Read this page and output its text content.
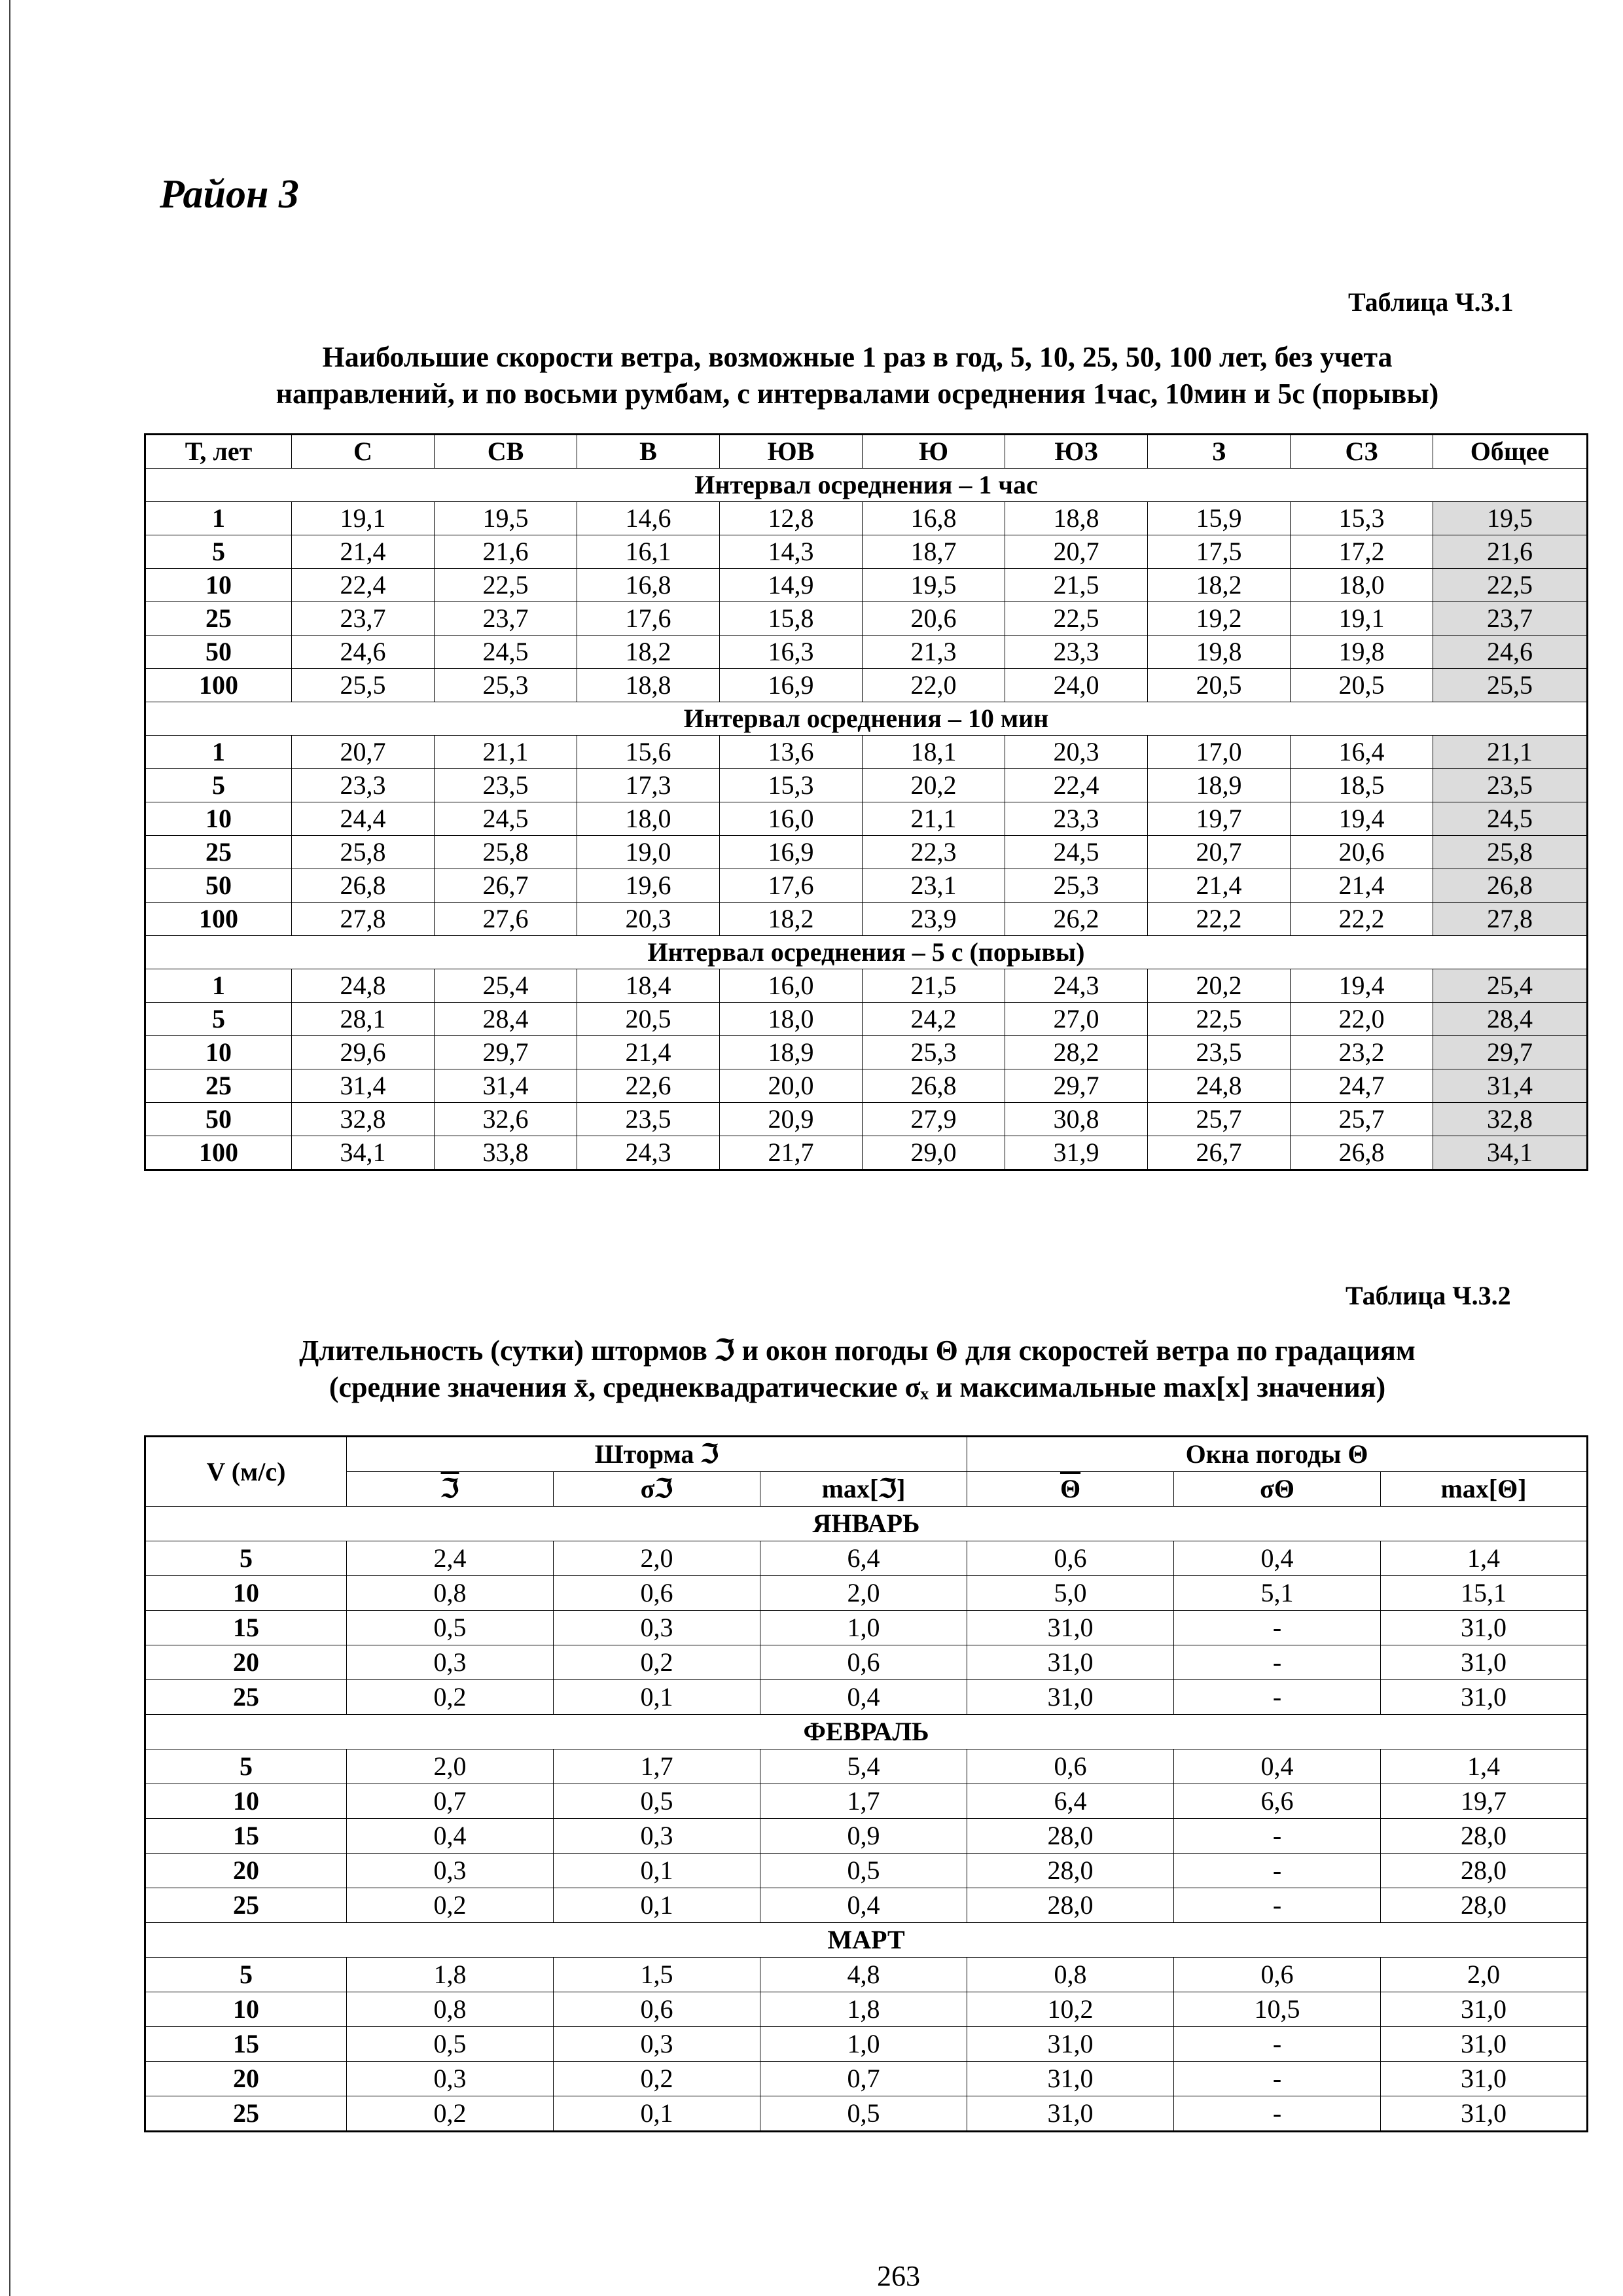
Район 3
Таблица Ч.3.1
Наибольшие скорости ветра, возможные 1 раз в год, 5, 10, 25, 50, 100 лет, без учета
направлений, и по восьми румбам, с интервалами осреднения 1час, 10мин и 5с (порывы)
Т, лет	С	СВ	В	ЮВ	Ю	ЮЗ	З	СЗ	Общее
Интервал осреднения – 1 час									
1	19,1	19,5	14,6	12,8	16,8	18,8	15,9	15,3	19,5
5	21,4	21,6	16,1	14,3	18,7	20,7	17,5	17,2	21,6
10	22,4	22,5	16,8	14,9	19,5	21,5	18,2	18,0	22,5
25	23,7	23,7	17,6	15,8	20,6	22,5	19,2	19,1	23,7
50	24,6	24,5	18,2	16,3	21,3	23,3	19,8	19,8	24,6
100	25,5	25,3	18,8	16,9	22,0	24,0	20,5	20,5	25,5
Интервал осреднения – 10 мин									
1	20,7	21,1	15,6	13,6	18,1	20,3	17,0	16,4	21,1
5	23,3	23,5	17,3	15,3	20,2	22,4	18,9	18,5	23,5
10	24,4	24,5	18,0	16,0	21,1	23,3	19,7	19,4	24,5
25	25,8	25,8	19,0	16,9	22,3	24,5	20,7	20,6	25,8
50	26,8	26,7	19,6	17,6	23,1	25,3	21,4	21,4	26,8
100	27,8	27,6	20,3	18,2	23,9	26,2	22,2	22,2	27,8
Интервал осреднения – 5 с (порывы)									
1	24,8	25,4	18,4	16,0	21,5	24,3	20,2	19,4	25,4
5	28,1	28,4	20,5	18,0	24,2	27,0	22,5	22,0	28,4
10	29,6	29,7	21,4	18,9	25,3	28,2	23,5	23,2	29,7
25	31,4	31,4	22,6	20,0	26,8	29,7	24,8	24,7	31,4
50	32,8	32,6	23,5	20,9	27,9	30,8	25,7	25,7	32,8
100	34,1	33,8	24,3	21,7	29,0	31,9	26,7	26,8	34,1
Таблица Ч.3.2
Длительность (сутки) штормов ℑ и окон погоды Θ для скоростей ветра по градациям
(средние значения x̄, среднеквадратические σₓ и максимальные max[x] значения)
V (м/с)	Шторма ℑ			Окна погоды Θ		
	ℑ	σℑ	max[ℑ]	$\overline{\Theta}$	σΘ	max[Θ]
ЯНВАРЬ						
5	2,4	2,0	6,4	0,6	0,4	1,4
10	0,8	0,6	2,0	5,0	5,1	15,1
15	0,5	0,3	1,0	31,0	-	31,0
20	0,3	0,2	0,6	31,0	-	31,0
25	0,2	0,1	0,4	31,0	-	31,0
ФЕВРАЛЬ						
5	2,0	1,7	5,4	0,6	0,4	1,4
10	0,7	0,5	1,7	6,4	6,6	19,7
15	0,4	0,3	0,9	28,0	-	28,0
20	0,3	0,1	0,5	28,0	-	28,0
25	0,2	0,1	0,4	28,0	-	28,0
МАРТ						
5	1,8	1,5	4,8	0,8	0,6	2,0
10	0,8	0,6	1,8	10,2	10,5	31,0
15	0,5	0,3	1,0	31,0	-	31,0
20	0,3	0,2	0,7	31,0	-	31,0
25	0,2	0,1	0,5	31,0	-	31,0
263
